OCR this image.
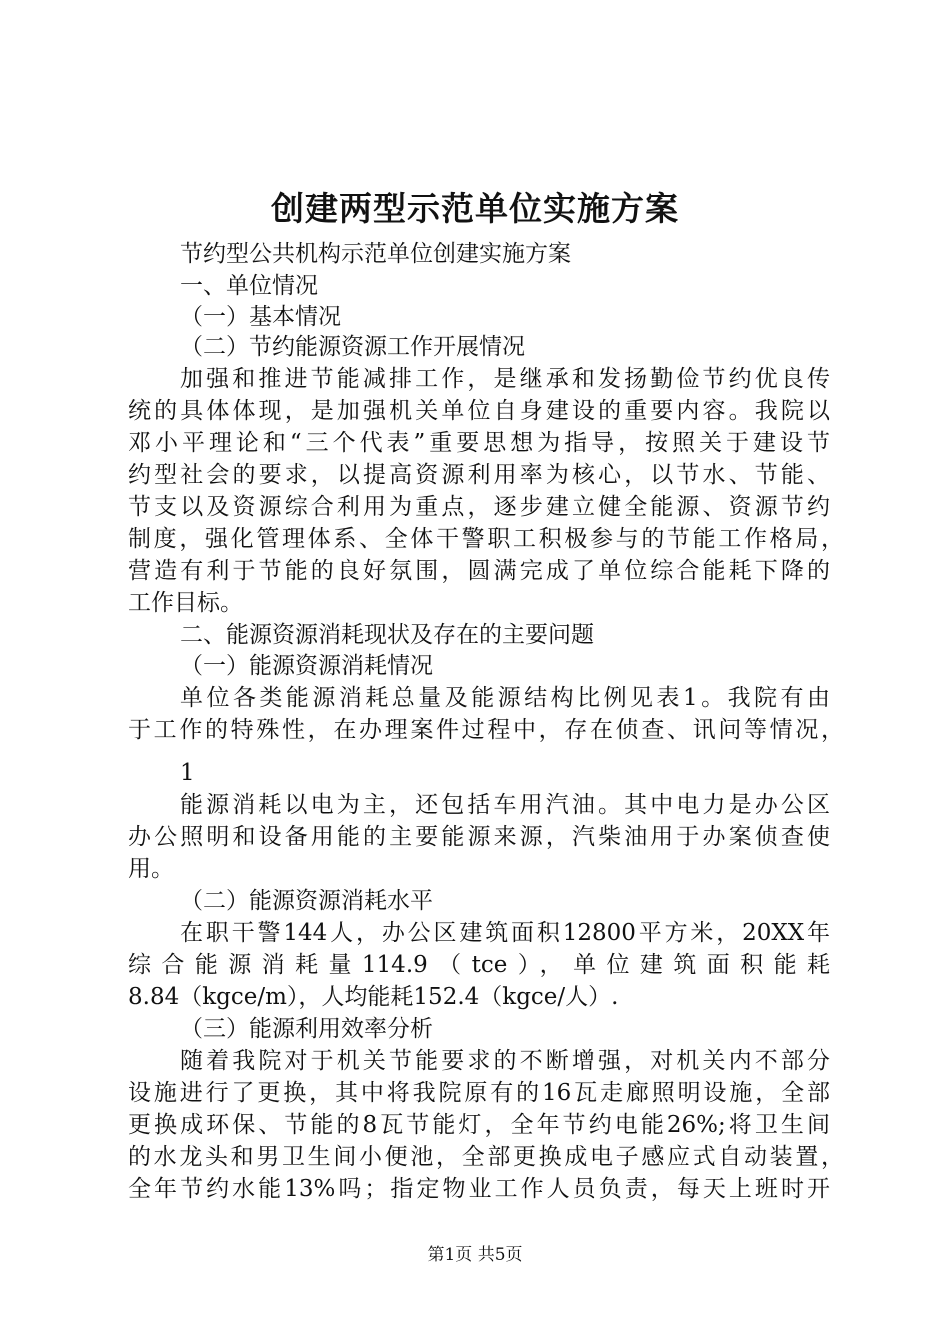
创建两型示范单位实施方案
节约型公共机构示范单位创建实施方案
一、单位情况
（一）基本情况
（二）节约能源资源工作开展情况
加强和推进节能减排工作，是继承和发扬勤俭节约优良传
统的具体体现，是加强机关单位自身建设的重要内容。我院以
邓小平理论和“三个代表”重要思想为指导，按照关于建设节
约型社会的要求，以提高资源利用率为核心，以节水、节能、
节支以及资源综合利用为重点，逐步建立健全能源、资源节约
制度，强化管理体系、全体干警职工积极参与的节能工作格局，
营造有利于节能的良好氛围，圆满完成了单位综合能耗下降的
工作目标。
二、能源资源消耗现状及存在的主要问题
（一）能源资源消耗情况
单位各类能源消耗总量及能源结构比例见表1。我院有由
于工作的特殊性，在办理案件过程中，存在侦查、讯问等情况，
1
能源消耗以电为主，还包括车用汽油。其中电力是办公区
办公照明和设备用能的主要能源来源，汽柴油用于办案侦查使
用。
（二）能源资源消耗水平
在职干警144人，办公区建筑面积12800平方米，20XX年
综合能源消耗量114.9（tce），单位建筑面积能耗
8.84（kgce/m），人均能耗152.4（kgce/人）.
（三）能源利用效率分析
随着我院对于机关节能要求的不断增强，对机关内不部分
设施进行了更换，其中将我院原有的16瓦走廊照明设施，全部
更换成环保、节能的8瓦节能灯，全年节约电能26%;将卫生间
的水龙头和男卫生间小便池，全部更换成电子感应式自动装置，
全年节约水能13%吗；指定物业工作人员负责，每天上班时开
第1页 共5页
